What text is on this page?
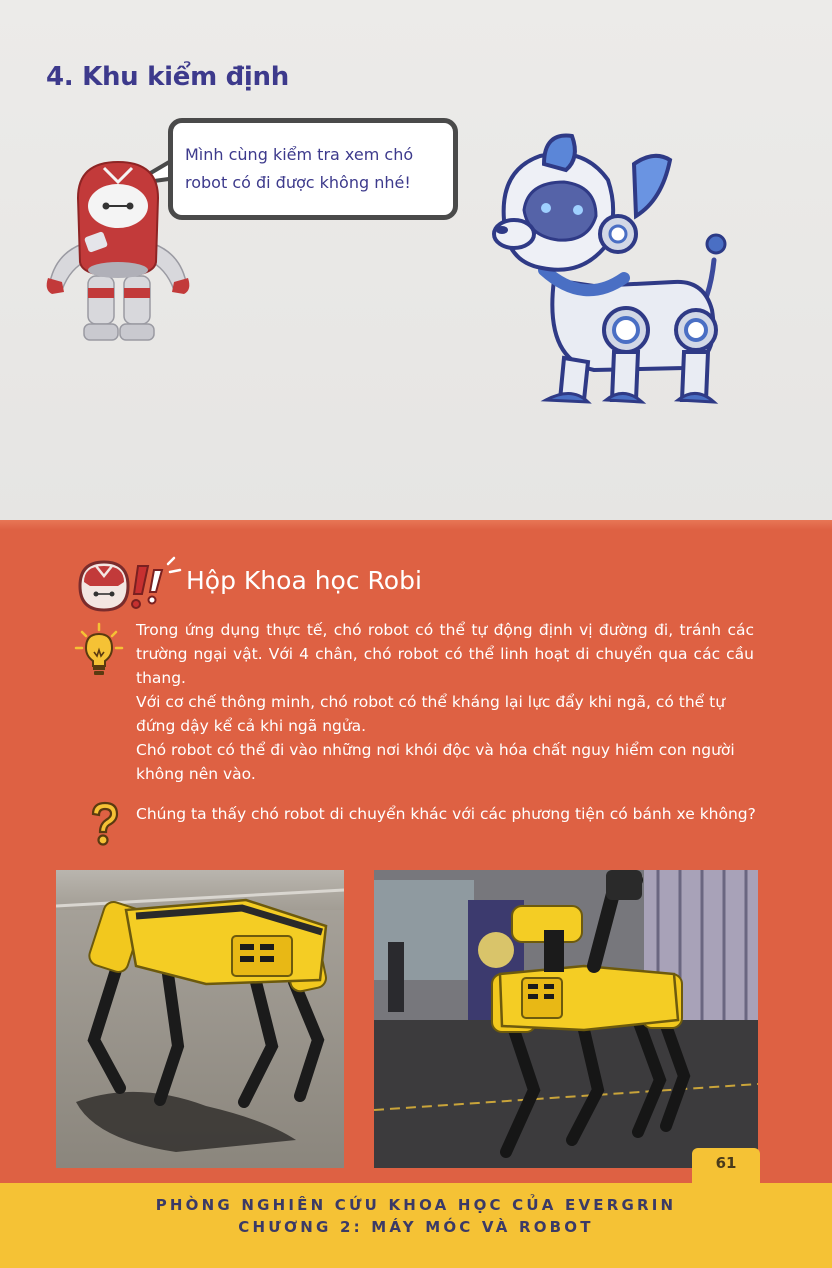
4. Khu kiểm định
Mình cùng kiểm tra xem chó
robot có đi được không nhé!
Hộp Khoa học Robi

Trong ứng dụng thực tế, chó robot có thể tự động định vị đường đi, tránh các trường ngại vật. Với 4 chân, chó robot có thể linh hoạt di chuyển qua các cầu thang.

Với cơ chế thông minh, chó robot có thể kháng lại lực đẩy khi ngã, có thể tự đứng dậy kể cả khi ngã ngửa.

Chó robot có thể đi vào những nơi khói độc và hóa chất nguy hiểm con người không nên vào.

Chúng ta thấy chó robot di chuyển khác với các phương tiện có bánh xe không?
61
PHÒNG NGHIÊN CỨU KHOA HỌC CỦA EVERGRIN
CHƯƠNG 2: MÁY MÓC VÀ ROBOT
